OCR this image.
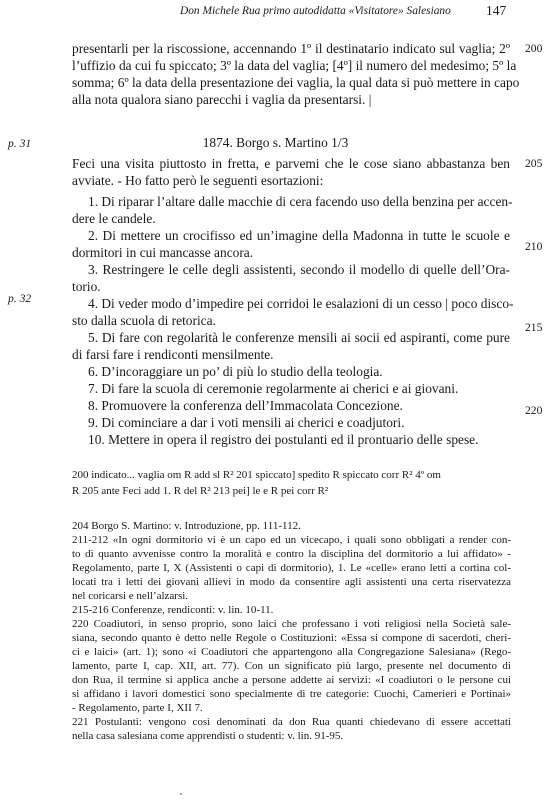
Don Michele Rua primo autodidatta «Visitatore» Salesiano	147
presentarli per la riscossione, accennando 1º il destinatario indicato sul vaglia; 2º
l’uffizio da cui fu spiccato; 3º la data del vaglia; [4º] il numero del medesimo; 5º la
somma; 6º la data della presentazione dei vaglia, la qual data si può mettere in capo
alla nota qualora siano parecchi i vaglia da presentarsi. |
200
205
210
215
220
p. 31
p. 32
1874. Borgo s. Martino 1/3
Feci una visita piuttosto in fretta, e parvemi che le cose siano abbastanza ben
avviate. - Ho fatto però le seguenti esortazioni:
1. Di riparar l’altare dalle macchie di cera facendo uso della benzina per accen-
dere le candele.
2. Di mettere un crocifisso ed un’imagine della Madonna in tutte le scuole e
dormitori in cui mancasse ancora.
3. Restringere le celle degli assistenti, secondo il modello di quelle dell’Ora-
torio.
4. Di veder modo d’impedire pei corridoi le esalazioni di un cesso | poco disco-
sto dalla scuola di retorica.
5. Di fare con regolarità le conferenze mensili ai socii ed aspiranti, come pure
di farsi fare i rendiconti mensilmente.
6. D’incoraggiare un po’ di più lo studio della teologia.
7. Di fare la scuola di ceremonie regolarmente ai cherici e ai giovani.
8. Promuovere la conferenza dell’Immacolata Concezione.
9. Di cominciare a dar i voti mensili ai cherici e coadjutori.
10. Mettere in opera il registro dei postulanti ed il prontuario delle spese.
200 indicato... vaglia om R add sl R² 201 spiccato] spedito R spiccato corr R² 4º om
R 205 ante Feci add 1. R del R² 213 pei] le e R pei corr R²
204 Borgo S. Martino: v. Introduzione, pp. 111-112.
211-212 «In ogni dormitorio vi è un capo ed un vicecapo, i quali sono obbligati a render con-
to di quanto avvenisse contro la moralità e contro la disciplina del dormitorio a lui affidato» -
Regolamento, parte I, X (Assistenti o capi di dormitorio), 1. Le «celle» erano letti a cortina col-
locati tra i letti dei giovani allievi in modo da consentire agli assistenti una certa riservatezza
nel coricarsi e nell’alzarsi.
215-216 Conferenze, rendiconti: v. lin. 10-11.
220 Coadiutori, in senso proprio, sono laici che professano i voti religiosi nella Società sale-
siana, secondo quanto è detto nelle Regole o Costituzioni: «Essa si compone di sacerdoti, cheri-
ci e laici» (art. 1); sono «i Coadiutori che appartengono alla Congregazione Salesiana» (Rego-
lamento, parte I, cap. XII, art. 77). Con un significato più largo, presente nel documento di
don Rua, il termine si applica anche a persone addette ai servizi: «I coadiutori o le persone cui
si affidano i lavori domestici sono specialmente di tre categorie: Cuochi, Camerieri e Portinai»
- Regolamento, parte I, XII 7.
221 Postulanti: vengono così denominati da don Rua quanti chiedevano di essere accettati
nella casa salesiana come apprendisti o studenti: v. lin. 91-95.
